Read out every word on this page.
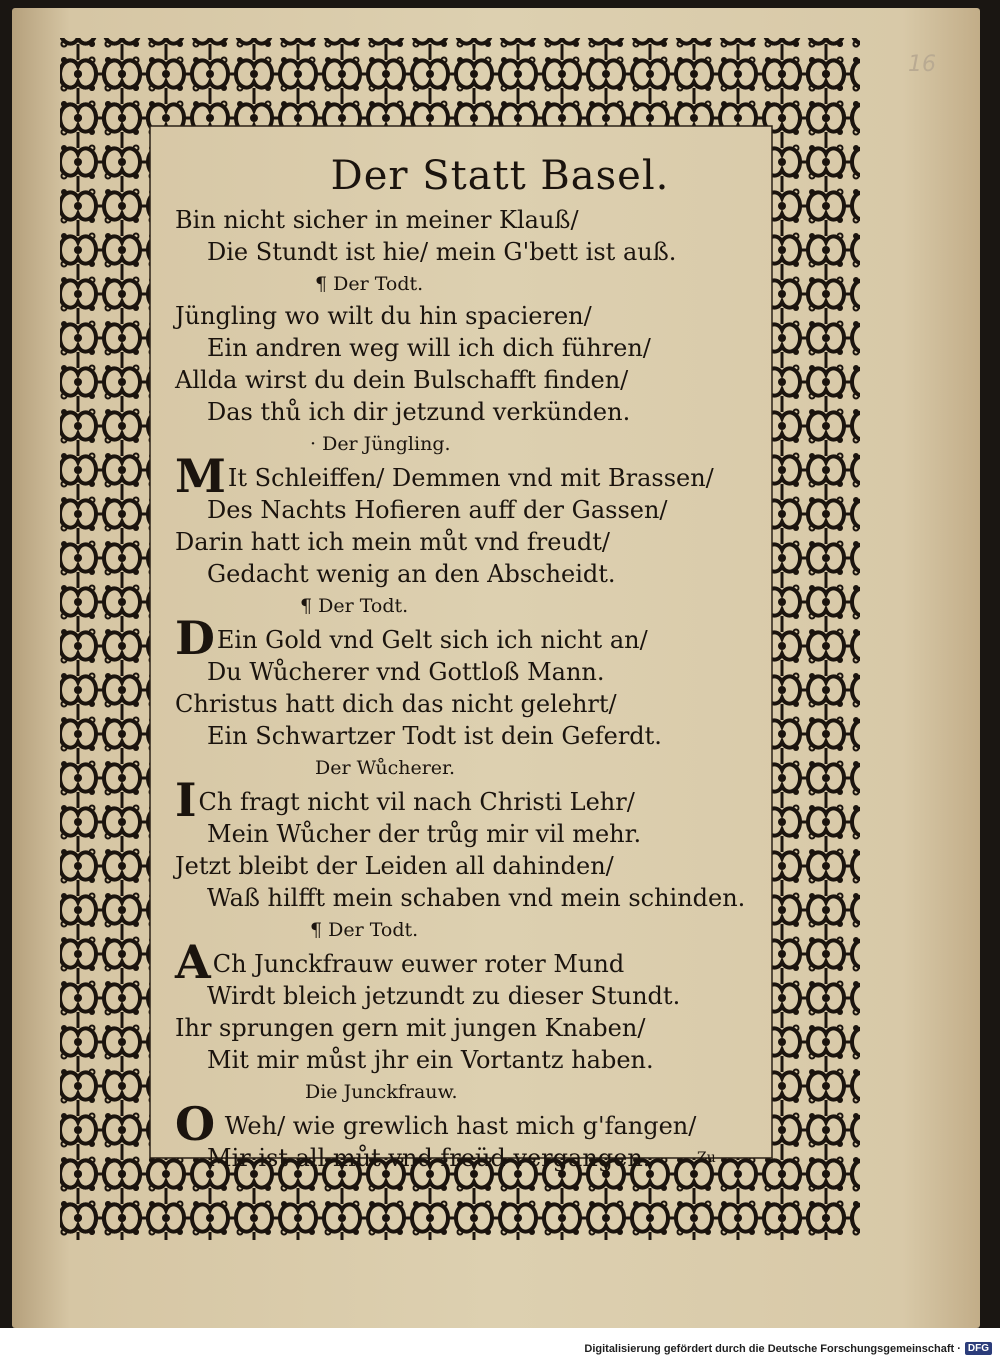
16
Der Statt Basel.
Bin nicht sicher in meiner Klauß/
Die Stundt ist hie/ mein G'bett ist auß.
¶ Der Todt.
Jüngling wo wilt du hin spacieren/
Ein andren weg will ich dich führen/
Allda wirst du dein Bulschafft finden/
Das thů ich dir jetzund verkünden.
· Der Jüngling.
MIt Schleiffen/ Demmen vnd mit Brassen/
Des Nachts Hofieren auff der Gassen/
Darin hatt ich mein můt vnd freudt/
Gedacht wenig an den Abscheidt.
¶ Der Todt.
DEin Gold vnd Gelt sich ich nicht an/
Du Wůcherer vnd Gottloß Mann.
Christus hatt dich das nicht gelehrt/
Ein Schwartzer Todt ist dein Geferdt.
Der Wůcherer.
ICh fragt nicht vil nach Christi Lehr/
Mein Wůcher der trůg mir vil mehr.
Jetzt bleibt der Leiden all dahinden/
Waß hilfft mein schaben vnd mein schinden.
¶ Der Todt.
ACh Junckfrauw euwer roter Mund
Wirdt bleich jetzundt zu dieser Stundt.
Ihr sprungen gern mit jungen Knaben/
Mit mir můst jhr ein Vortantz haben.
Die Junckfrauw.
O Weh/ wie grewlich hast mich g'fangen/
Mir ist all můt vnd freüd vergangen.	Zu
Digitalisierung gefördert durch die Deutsche Forschungsgemeinschaft · DFG
